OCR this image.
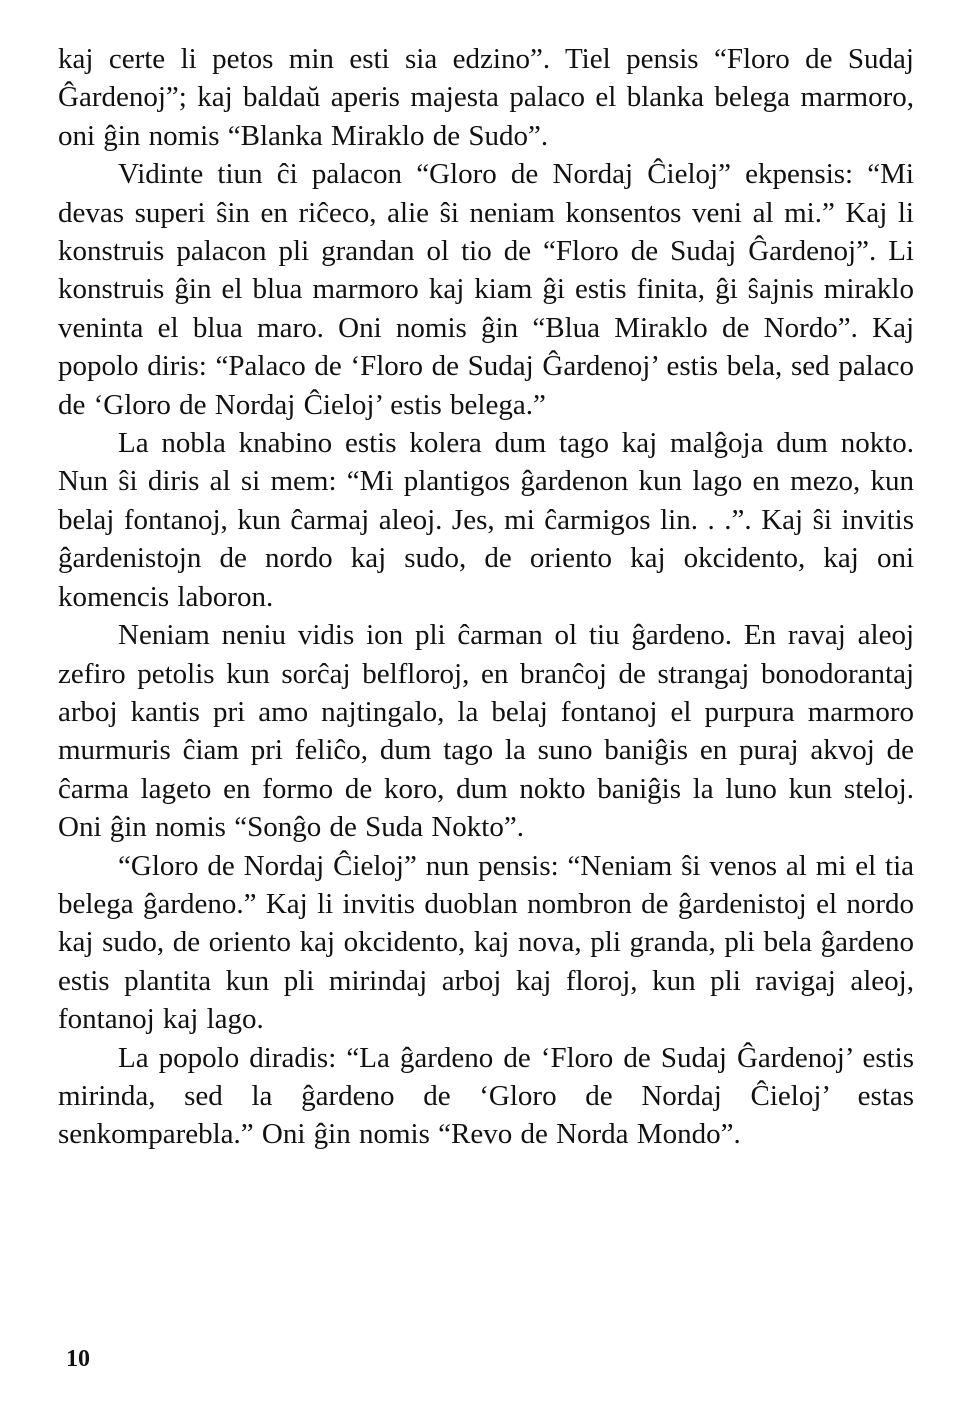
kaj certe li petos min esti sia edzino”. Tiel pensis “Floro de Sudaj Ĝardenoj”; kaj baldaŭ aperis majesta palaco el blanka belega marmoro, oni ĝin nomis “Blanka Miraklo de Sudo”.

Vidinte tiun ĉi palacon “Gloro de Nordaj Ĉieloj” ekpensis: “Mi devas superi ŝin en riĉeco, alie ŝi neniam konsentos veni al mi.” Kaj li konstruis palacon pli grandan ol tio de “Floro de Sudaj Ĝardenoj”. Li konstruis ĝin el blua marmoro kaj kiam ĝi estis finita, ĝi ŝajnis miraklo veninta el blua maro. Oni nomis ĝin “Blua Miraklo de Nordo”. Kaj popolo diris: “Palaco de ‘Floro de Sudaj Ĝardenoj’ estis bela, sed palaco de ‘Gloro de Nordaj Ĉieloj’ estis belega.”

La nobla knabino estis kolera dum tago kaj malĝoja dum nokto. Nun ŝi diris al si mem: “Mi plantigos ĝardenon kun lago en mezo, kun belaj fontanoj, kun ĉarmaj aleoj. Jes, mi ĉarmigos lin. . .”. Kaj ŝi invitis ĝardenistojn de nordo kaj sudo, de oriento kaj okcidento, kaj oni komencis laboron.

Neniam neniu vidis ion pli ĉarman ol tiu ĝardeno. En ravaj aleoj zefiro petolis kun sorĉaj belfloroj, en branĉoj de strangaj bonodorantaj arboj kantis pri amo najtingalo, la belaj fontanoj el purpura marmoro murmuris ĉiam pri feliĉo, dum tago la suno baniĝis en puraj akvoj de ĉarma lageto en formo de koro, dum nokto baniĝis la luno kun steloj. Oni ĝin nomis “Sonĝo de Suda Nokto”.

“Gloro de Nordaj Ĉieloj” nun pensis: “Neniam ŝi venos al mi el tia belega ĝardeno.” Kaj li invitis duoblan nombron de ĝardenistoj el nordo kaj sudo, de oriento kaj okcidento, kaj nova, pli granda, pli bela ĝardeno estis plantita kun pli mirindaj arboj kaj floroj, kun pli ravigaj aleoj, fontanoj kaj lago.

La popolo diradis: “La ĝardeno de ‘Floro de Sudaj Ĝardenoj’ estis mirinda, sed la ĝardeno de ‘Gloro de Nordaj Ĉieloj’ estas senkomparebla.” Oni ĝin nomis “Revo de Norda Mondo”.

10
